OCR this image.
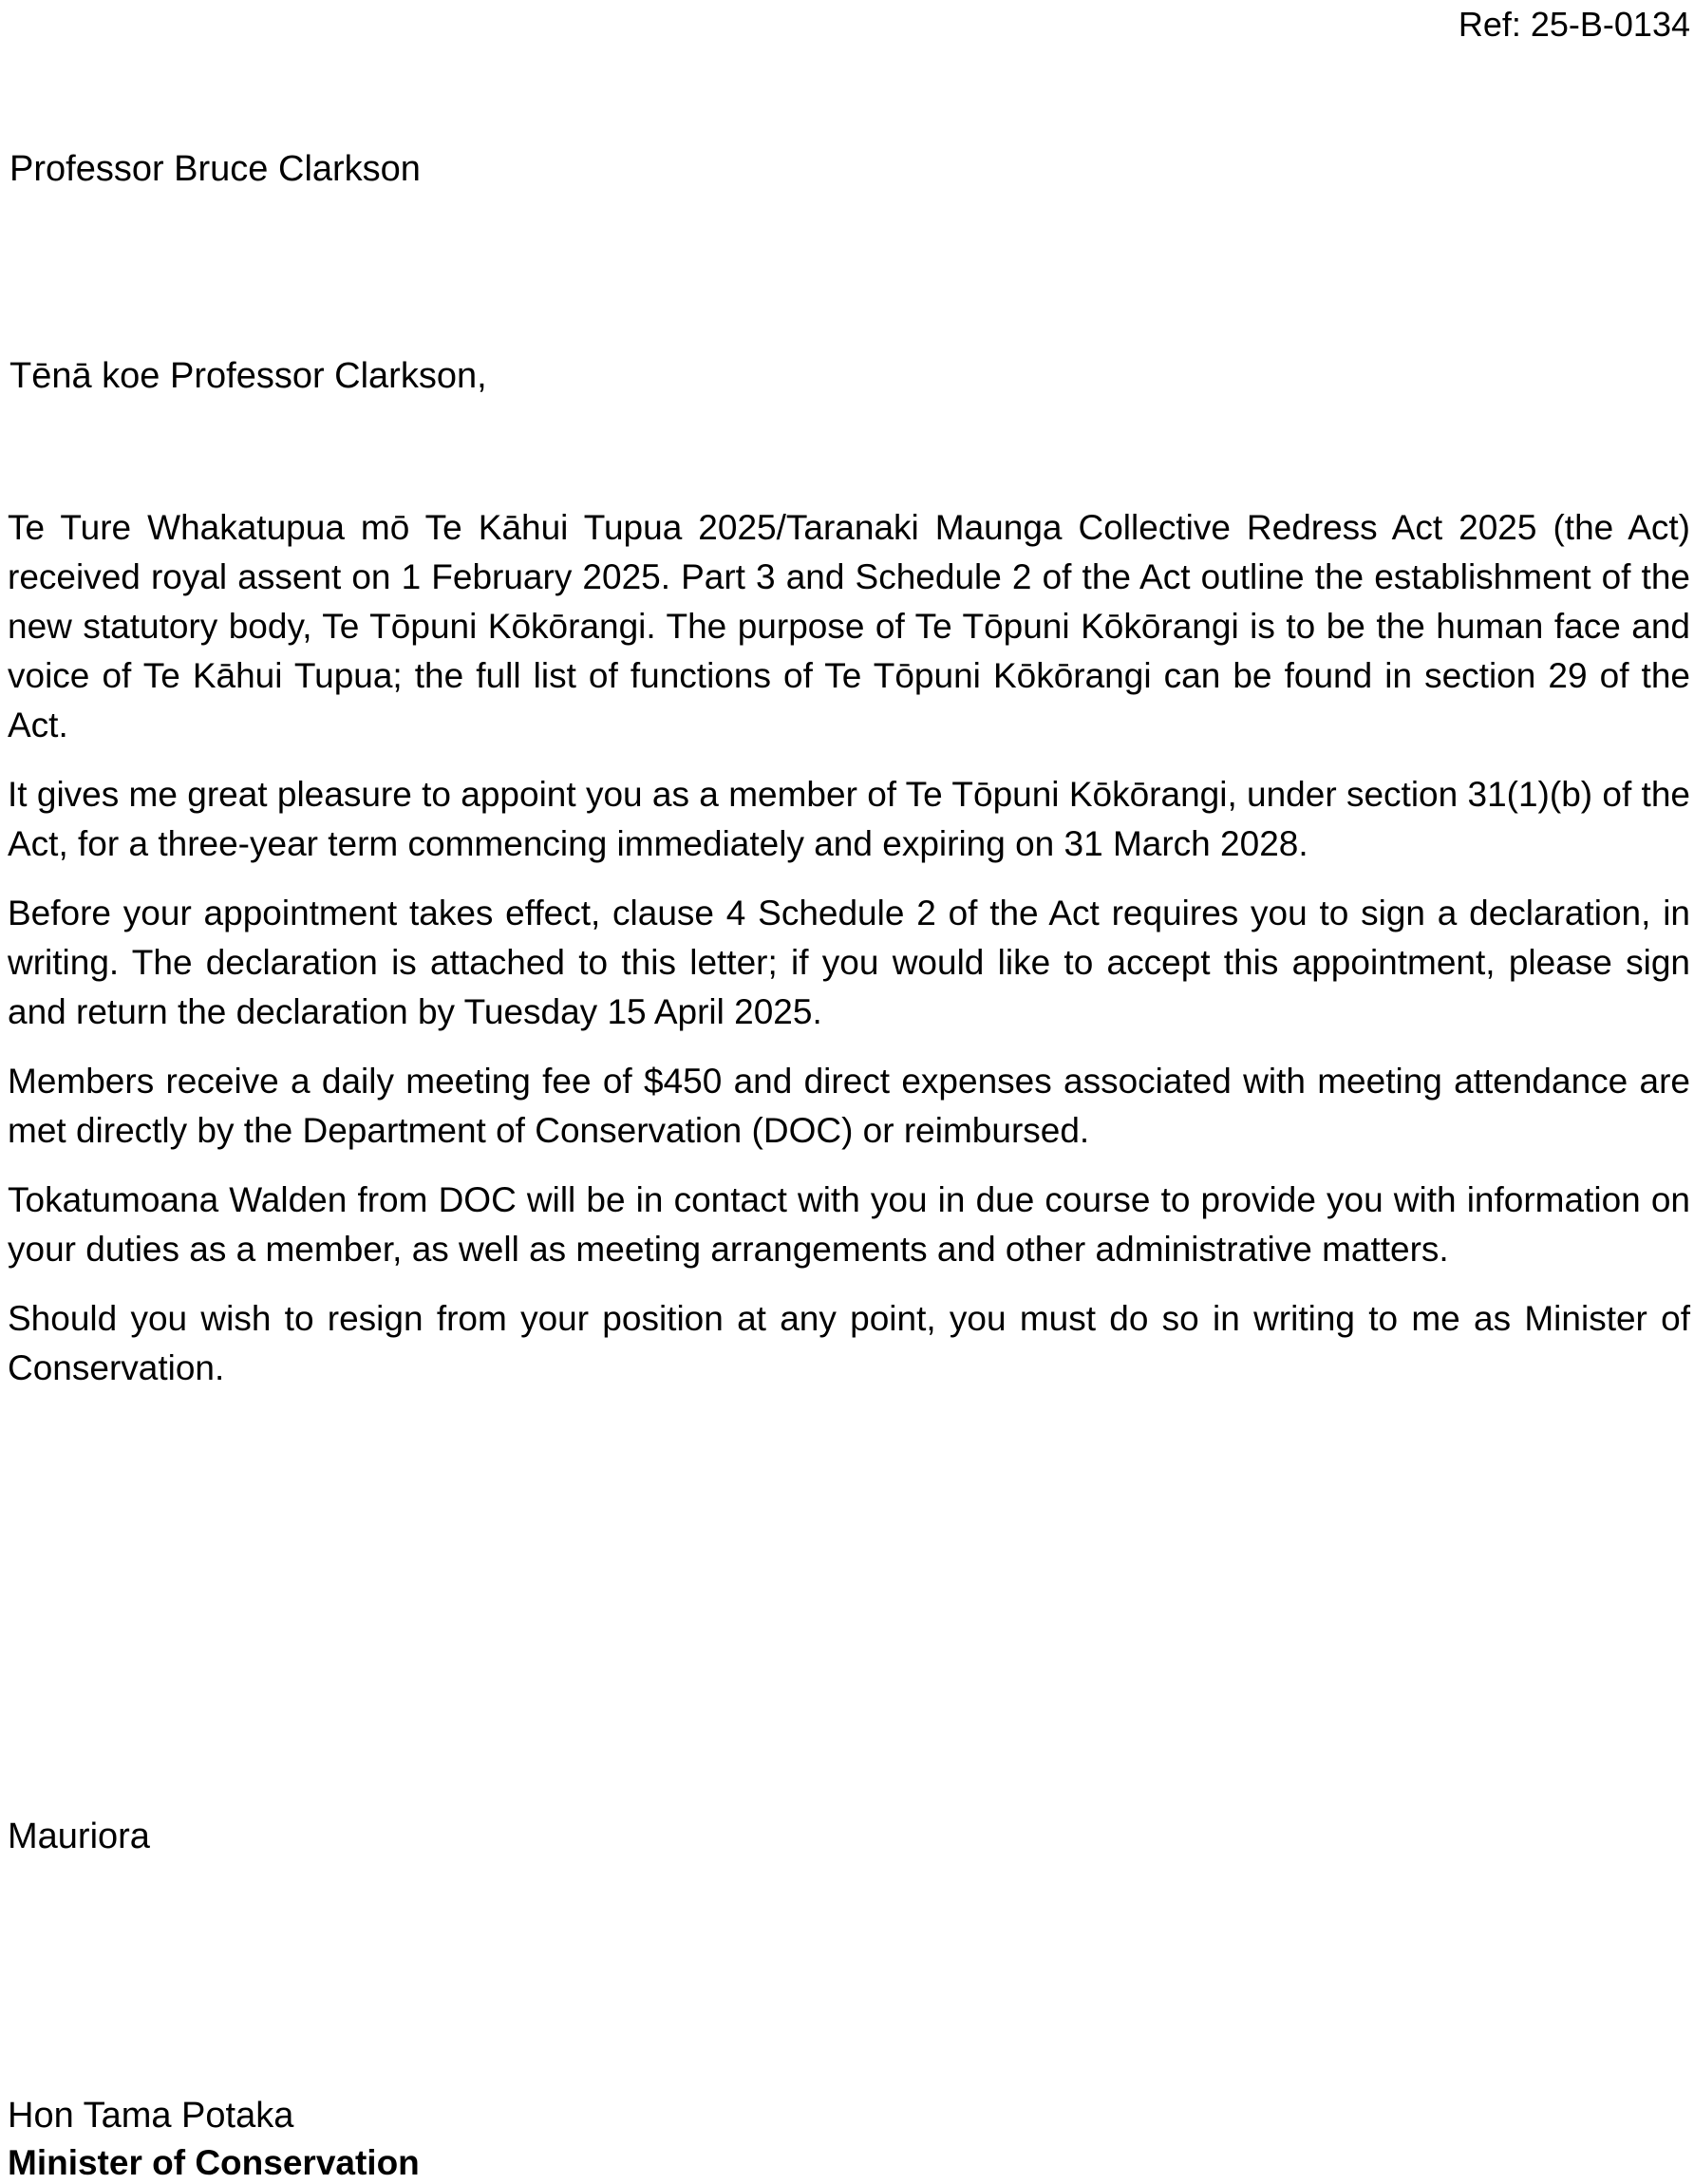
Ref: 25-B-0134
Professor Bruce Clarkson
Tēnā koe Professor Clarkson,

Te Ture Whakatupua mō Te Kāhui Tupua 2025/Taranaki Maunga Collective Redress Act 2025 (the Act) received royal assent on 1 February 2025. Part 3 and Schedule 2 of the Act outline the establishment of the new statutory body, Te Tōpuni Kōkōrangi. The purpose of Te Tōpuni Kōkōrangi is to be the human face and voice of Te Kāhui Tupua; the full list of functions of Te Tōpuni Kōkōrangi can be found in section 29 of the Act.

It gives me great pleasure to appoint you as a member of Te Tōpuni Kōkōrangi, under section 31(1)(b) of the Act, for a three-year term commencing immediately and expiring on 31 March 2028.

Before your appointment takes effect, clause 4 Schedule 2 of the Act requires you to sign a declaration, in writing. The declaration is attached to this letter; if you would like to accept this appointment, please sign and return the declaration by Tuesday 15 April 2025.

Members receive a daily meeting fee of $450 and direct expenses associated with meeting attendance are met directly by the Department of Conservation (DOC) or reimbursed.

Tokatumoana Walden from DOC will be in contact with you in due course to provide you with information on your duties as a member, as well as meeting arrangements and other administrative matters.

Should you wish to resign from your position at any point, you must do so in writing to me as Minister of Conservation.

Mauriora
Hon Tama Potaka
Minister of Conservation
